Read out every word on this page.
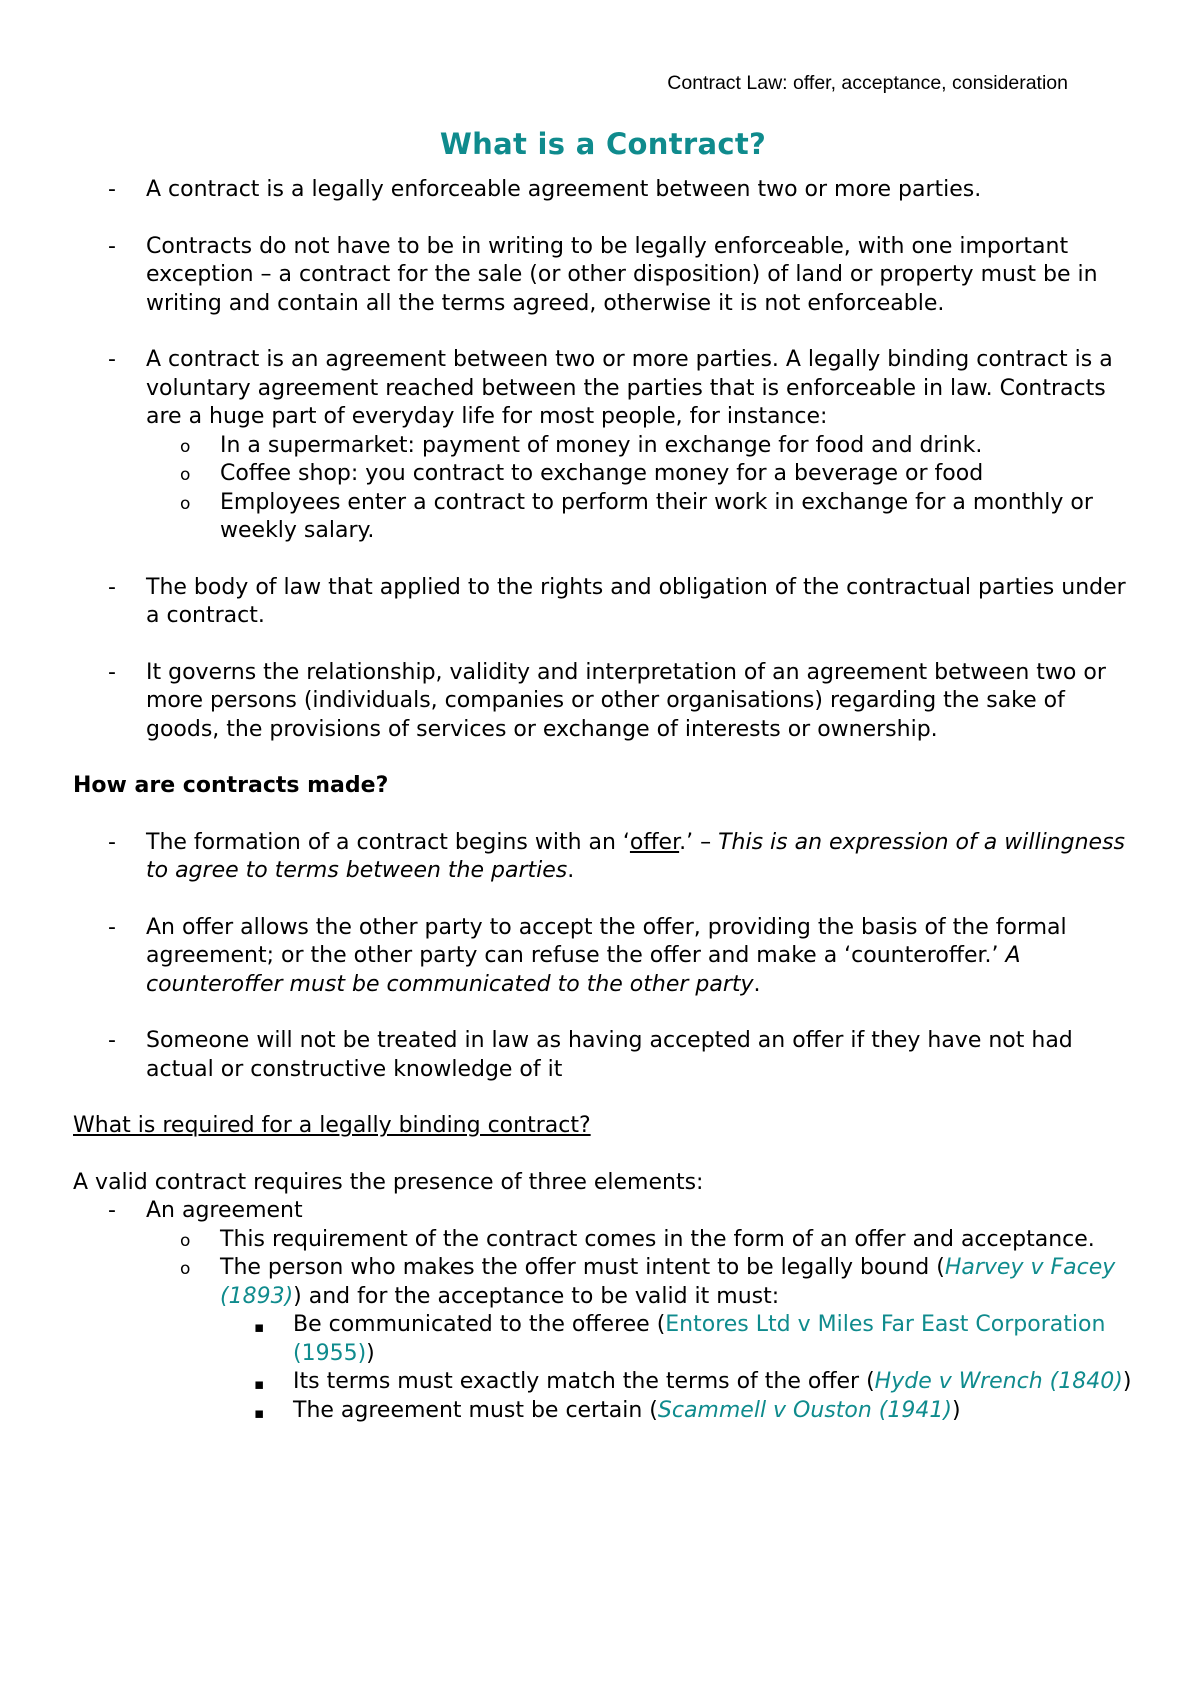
Contract Law: offer, acceptance, consideration
What is a Contract?
- A contract is a legally enforceable agreement between two or more parties.
- Contracts do not have to be in writing to be legally enforceable, with one important exception – a contract for the sale (or other disposition) of land or property must be in writing and contain all the terms agreed, otherwise it is not enforceable.
- A contract is an agreement between two or more parties. A legally binding contract is a voluntary agreement reached between the parties that is enforceable in law. Contracts are a huge part of everyday life for most people, for instance:
o In a supermarket: payment of money in exchange for food and drink.
o Coffee shop: you contract to exchange money for a beverage or food
o Employees enter a contract to perform their work in exchange for a monthly or weekly salary.
- The body of law that applied to the rights and obligation of the contractual parties under a contract.
- It governs the relationship, validity and interpretation of an agreement between two or more persons (individuals, companies or other organisations) regarding the sake of goods, the provisions of services or exchange of interests or ownership.
How are contracts made?
- The formation of a contract begins with an ‘offer.’ – This is an expression of a willingness to agree to terms between the parties.
- An offer allows the other party to accept the offer, providing the basis of the formal agreement; or the other party can refuse the offer and make a ‘counteroffer.’ A counteroffer must be communicated to the other party.
- Someone will not be treated in law as having accepted an offer if they have not had actual or constructive knowledge of it
What is required for a legally binding contract?
A valid contract requires the presence of three elements:
- An agreement
o This requirement of the contract comes in the form of an offer and acceptance.
o The person who makes the offer must intent to be legally bound (Harvey v Facey (1893)) and for the acceptance to be valid it must:
▪ Be communicated to the offeree (Entores Ltd v Miles Far East Corporation (1955))
▪ Its terms must exactly match the terms of the offer (Hyde v Wrench (1840))
▪ The agreement must be certain (Scammell v Ouston (1941))
